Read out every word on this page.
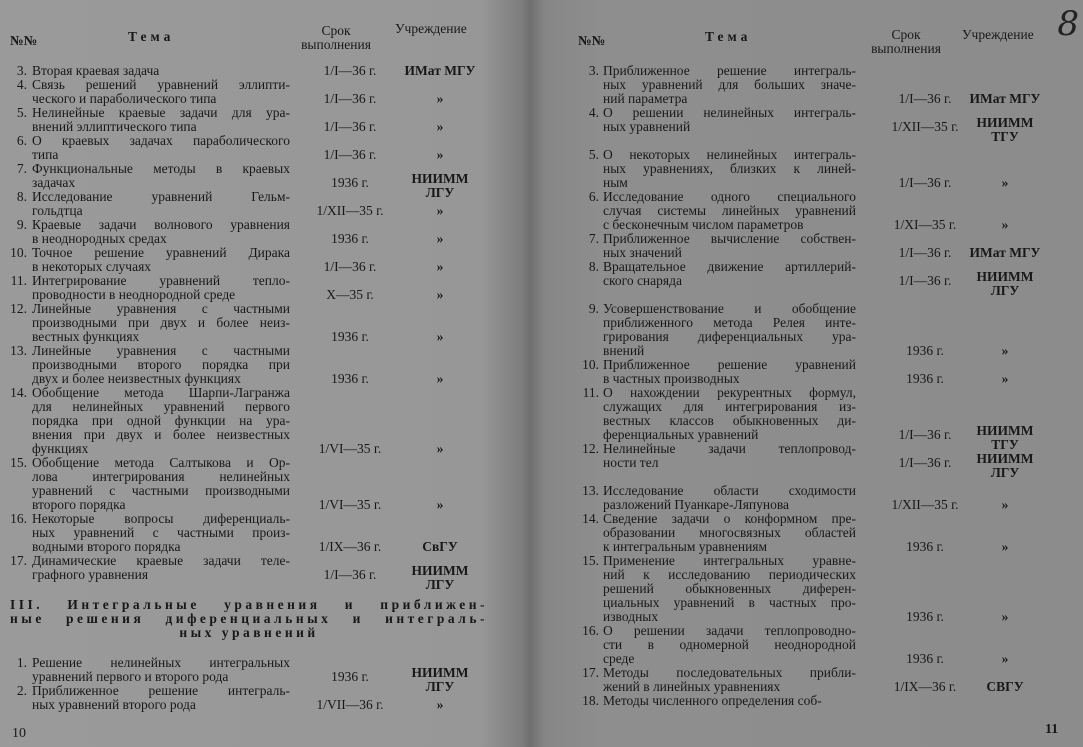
№№	Тема	Срок
выполнения
Учреждение
3. Вторая краевая задача	1/I—36 г.	ИМат МГУ
4. Связь решений уравнений эллипти-
ческого и параболического типа	1/I—36 г.	»
5. Нелинейные краевые задачи для ура-
внений эллиптического типа	1/I—36 г.	»
6. О краевых задачах параболического
типа	1/I—36 г.	»
7. Функциональные методы в краевых
задачах	1936 г.	НИИММ
ЛГУ
8. Исследование уравнений Гельм-
гольдтца	1/XII—35 г.	»
9. Краевые задачи волнового уравнения
в неоднородных средах	1936 г.	»
10. Точное решение уравнений Дирака
в некоторых случаях	1/I—36 г.	»
11. Интегрирование уравнений тепло-
проводности в неоднородной среде	X—35 г.	»
12. Линейные уравнения с частными
производными при двух и более неиз-
вестных функциях	1936 г.	»
13. Линейные уравнения с частными
производными второго порядка при
двух и более неизвестных функциях	1936 г.	»
14. Обобщение метода Шарпи-Лагранжа
для нелинейных уравнений первого
порядка при одной функции на ура-
внения при двух и более неизвестных
функциях	1/VI—35 г.	»
15. Обобщение метода Салтыкова и Ор-
лова интегрирования нелинейных
уравнений с частными производными
второго порядка	1/VI—35 г.	»
16. Некоторые вопросы диференциаль-
ных уравнений с частными произ-
водными второго порядка	1/IX—36 г.	СвГУ
17. Динамические краевые задачи теле-
графного уравнения	1/I—36 г.	НИИММ
ЛГУ
III. Интегральные уравнения и приближен-
ные решения диференциальных и интеграль-
ных уравнений
1. Решение нелинейных интегральных
уравнений первого и второго рода	1936 г.	НИИММ
ЛГУ
2. Приближенное решение интеграль-
ных уравнений второго рода	1/VII—36 г.	»
10
№№	Тема	Срок
выполнения
Учреждение
3. Приближенное решение интеграль-
ных уравнений для больших значе-
ний параметра	1/I—36 г.	ИМат МГУ
4. О решении нелинейных интеграль-
ных уравнений	1/XII—35 г.	НИИММ
ТГУ
5. О некоторых нелинейных интеграль-
ных уравнениях, близких к линей-
ным	1/I—36 г.	»
6. Исследование одного специального
случая системы линейных уравнений
с бесконечным числом параметров	1/XI—35 г.	»
7. Приближенное вычисление собствен-
ных значений	1/I—36 г.	ИМат МГУ
8. Вращательное движение артиллерий-
ского снаряда	1/I—36 г.	НИИММ
ЛГУ
9. Усовершенствование и обобщение
приближенного метода Релея инте-
грирования диференциальных ура-
внений	1936 г.	»
10. Приближенное решение уравнений
в частных производных	1936 г.	»
11. О нахождении рекурентных формул,
служащих для интегрирования из-
вестных классов обыкновенных ди-
ференциальных уравнений	1/I—36 г.	НИИММ
ТГУ
12. Нелинейные задачи теплопровод-
ности тел	1/I—36 г.	НИИММ
ЛГУ
13. Исследование области сходимости
разложений Пуанкаре-Ляпунова	1/XII—35 г.	»
14. Сведение задачи о конформном пре-
образовании многосвязных областей
к интегральным уравнениям	1936 г.	»
15. Применение интегральных уравне-
ний к исследованию периодических
решений обыкновенных диферен-
циальных уравнений в частных про-
изводных	1936 г.	»
16. О решении задачи теплопроводно-
сти в одномерной неоднородной
среде	1936 г.	»
17. Методы последовательных прибли-
жений в линейных уравнениях	1/IX—36 г.	СВГУ
18. Методы численного определения соб-
11
8
